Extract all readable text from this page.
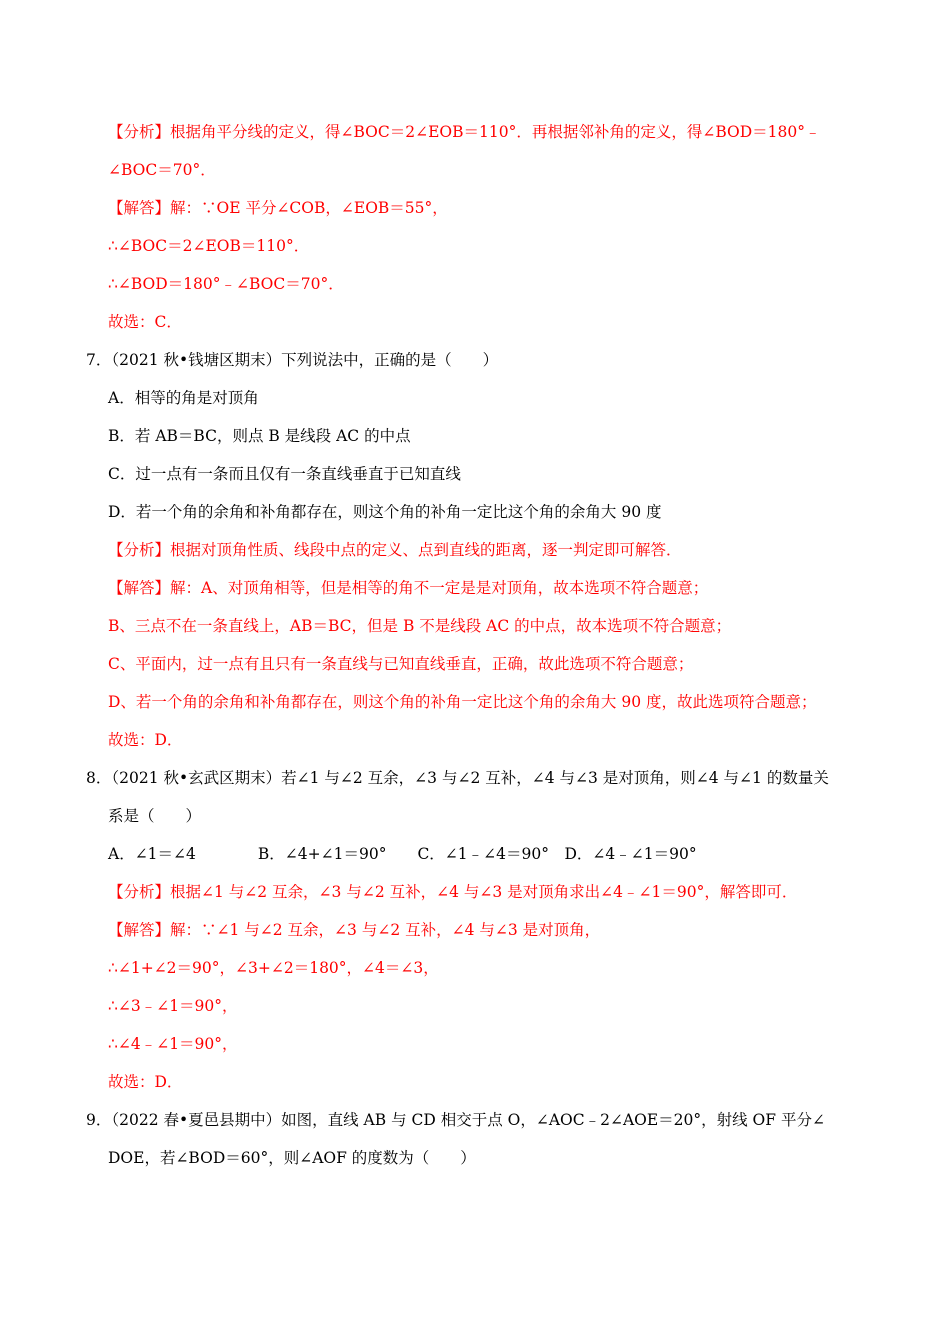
【分析】根据角平分线的定义，得∠BOC＝2∠EOB＝110°．再根据邻补角的定义，得∠BOD＝180°﹣
∠BOC＝70°．
【解答】解：∵OE 平分∠COB，∠EOB＝55°，
∴∠BOC＝2∠EOB＝110°．
∴∠BOD＝180°﹣∠BOC＝70°．
故选：C．
7．（2021 秋•钱塘区期末）下列说法中，正确的是（　　）
A．相等的角是对顶角
B．若 AB＝BC，则点 B 是线段 AC 的中点
C．过一点有一条而且仅有一条直线垂直于已知直线
D．若一个角的余角和补角都存在，则这个角的补角一定比这个角的余角大 90 度
【分析】根据对顶角性质、线段中点的定义、点到直线的距离，逐一判定即可解答．
【解答】解：A、对顶角相等，但是相等的角不一定是是对顶角，故本选项不符合题意；
B、三点不在一条直线上，AB＝BC，但是 B 不是线段 AC 的中点，故本选项不符合题意；
C、平面内，过一点有且只有一条直线与已知直线垂直，正确，故此选项不符合题意；
D、若一个角的余角和补角都存在，则这个角的补角一定比这个角的余角大 90 度，故此选项符合题意；
故选：D．
8．（2021 秋•玄武区期末）若∠1 与∠2 互余，∠3 与∠2 互补，∠4 与∠3 是对顶角，则∠4 与∠1 的数量关
系是（　　）
A．∠1＝∠4　　　　B．∠4+∠1＝90°　　C．∠1﹣∠4＝90°　D．∠4﹣∠1＝90°
【分析】根据∠1 与∠2 互余，∠3 与∠2 互补，∠4 与∠3 是对顶角求出∠4﹣∠1＝90°，解答即可．
【解答】解：∵∠1 与∠2 互余，∠3 与∠2 互补，∠4 与∠3 是对顶角，
∴∠1+∠2＝90°，∠3+∠2＝180°，∠4＝∠3，
∴∠3﹣∠1＝90°，
∴∠4﹣∠1＝90°，
故选：D．
9．（2022 春•夏邑县期中）如图，直线 AB 与 CD 相交于点 O，∠AOC﹣2∠AOE＝20°，射线 OF 平分∠
DOE，若∠BOD＝60°，则∠AOF 的度数为（　　）
